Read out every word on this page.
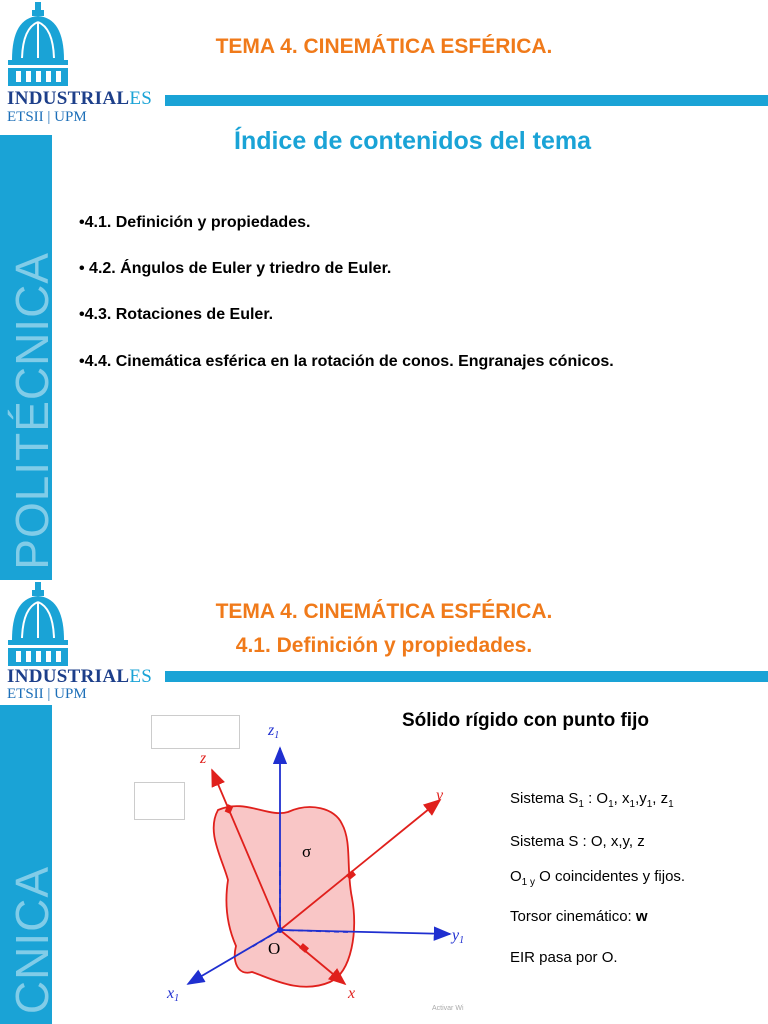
INDUSTRIALES
ETSII | UPM
POLITÉCNICA
TEMA 4. CINEMÁTICA ESFÉRICA.
Índice de contenidos del tema
•4.1. Definición y propiedades.
• 4.2. Ángulos de Euler y triedro de Euler.
•4.3. Rotaciones de Euler.
•4.4. Cinemática esférica en la rotación de conos. Engranajes cónicos.
INDUSTRIALES
ETSII | UPM
CNICA
TEMA 4. CINEMÁTICA ESFÉRICA.
4.1. Definición y propiedades.
Sólido rígido con punto fijo
z1
y1
x1
z
y
x
σ
O
Sistema $S_1$ : $O_1$, $x_1,y_1$, $z_1$
Sistema S : O, x,y, z
$O_{1 y}$ O coincidentes y fijos.
Torsor cinemático: w
EIR pasa por O.
Activar Wi
